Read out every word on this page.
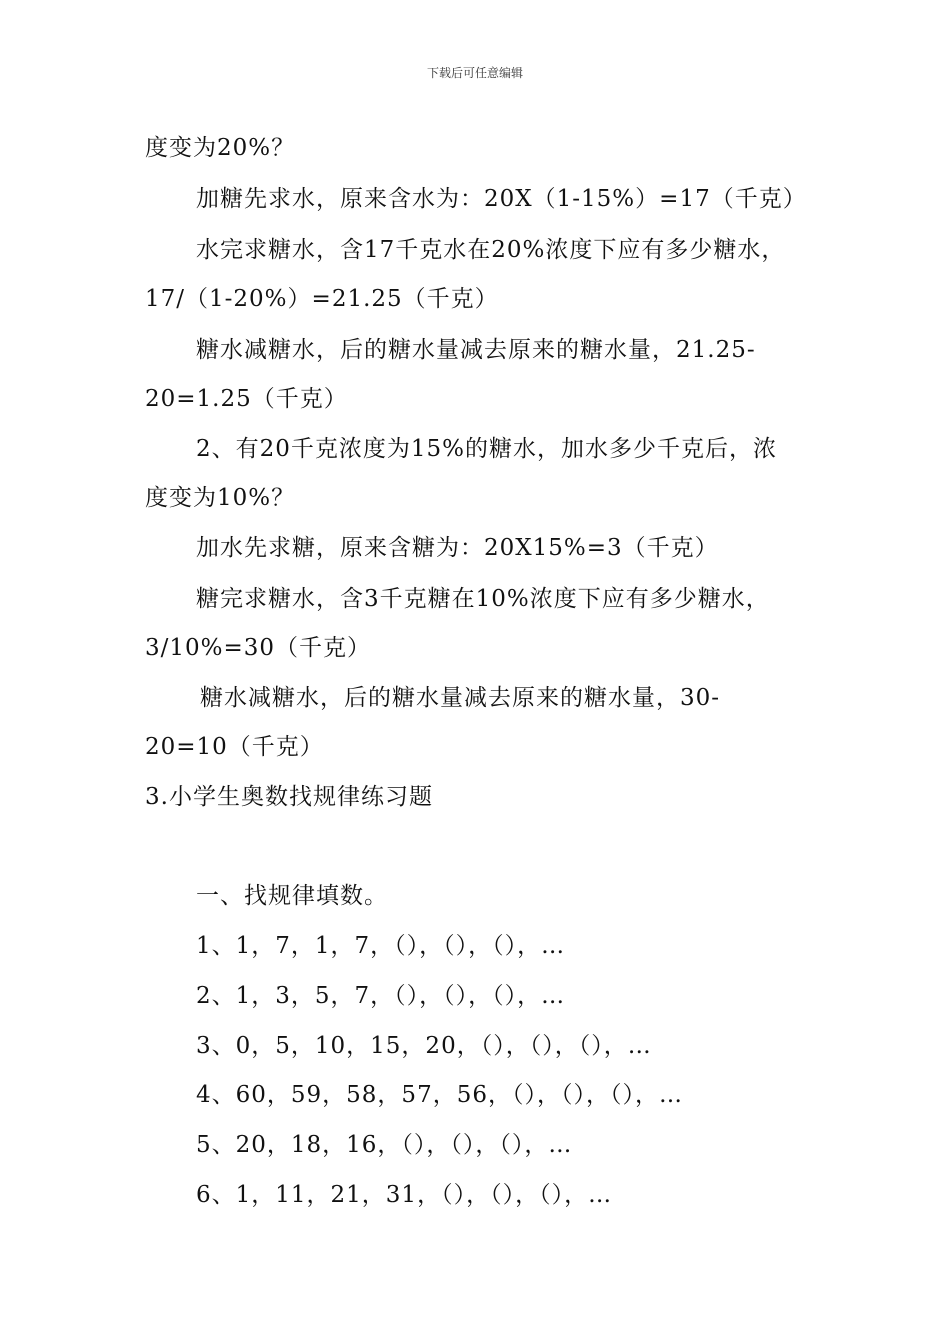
下载后可任意编辑
度变为20%？
加糖先求水，原来含水为：20X（1-15%）=17（千克）
水完求糖水，含17千克水在20%浓度下应有多少糖水，
17/（1-20%）=21.25（千克）
糖水减糖水，后的糖水量减去原来的糖水量，21.25-
20=1.25（千克）
2、有20千克浓度为15%的糖水，加水多少千克后，浓
度变为10%？
加水先求糖，原来含糖为：20X15%=3（千克）
糖完求糖水，含3千克糖在10%浓度下应有多少糖水，
3/10%=30（千克）
糖水减糖水，后的糖水量减去原来的糖水量，30-
20=10（千克）
3.小学生奥数找规律练习题
一、找规律填数。
1、1，7，1，7，（），（），（），…
2、1，3，5，7，（），（），（），…
3、0，5，10，15，20，（），（），（），…
4、60，59，58，57，56，（），（），（），…
5、20，18，16，（），（），（），…
6、1，11，21，31，（），（），（），…
